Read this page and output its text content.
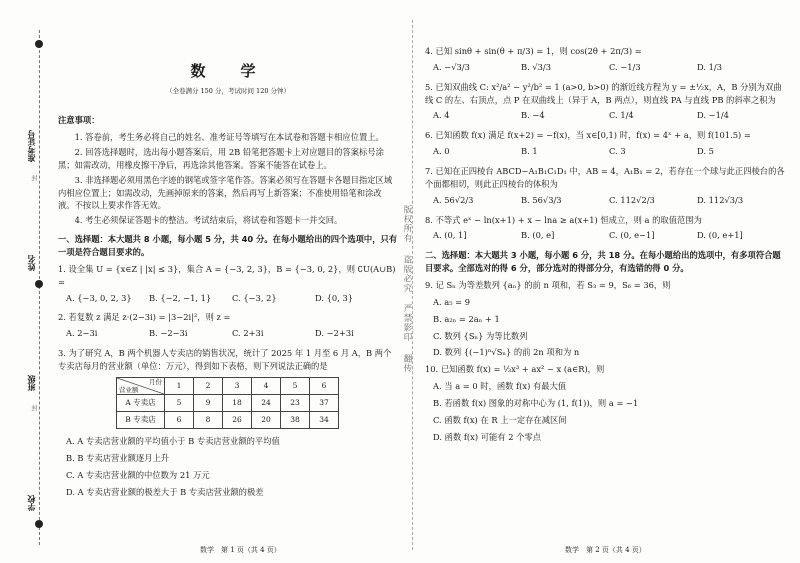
准考证号
封
姓名
班级
封
学校
数　学
（全卷满分 150 分，考试时间 120 分钟）
注意事项：
1. 答卷前，考生务必将自己的姓名、准考证号等填写在本试卷和答题卡相应位置上。
2. 回答选择题时，选出每小题答案后，用 2B 铅笔把答题卡上对应题目的答案标号涂黑；如需改动，用橡皮擦干净后，再选涂其他答案。答案不能答在试卷上。
3. 非选择题必须用黑色字迹的钢笔或签字笔作答。答案必须写在答题卡各题目指定区域内相应位置上；如需改动，先画掉原来的答案，然后再写上新答案；不准使用铅笔和涂改液。不按以上要求作答无效。
4. 考生必须保证答题卡的整洁。考试结束后，将试卷和答题卡一并交回。
一、选择题：本大题共 8 小题，每小题 5 分，共 40 分。在每小题给出的四个选项中，只有一项是符合题目要求的。
1. 设全集 U = {x∈Z | |x| ≤ 3}，集合 A = {−3, 2, 3}，B = {−3, 0, 2}，则 ∁U(A∪B) =
A. {−3, 0, 2, 3}	B. {−2, −1, 1}	C. {−3, 2}	D. {0, 3}
2. 若复数 z 满足 z·(2−3i) = |3−2i|²，则 z =
A. 2−3i	B. −2−3i	C. 2+3i	D. −2+3i
3. 为了研究 A，B 两个机器人专卖店的销售状况，统计了 2025 年 1 月至 6 月 A，B 两个专卖店每月的营业额（单位：万元），得到如下表格，则下列说法正确的是
月份
营业额	1	2	3	4	5	6
A 专卖店	5	9	18	24	23	37
B 专卖店	6	8	26	20	38	34
A. A 专卖店营业额的平均值小于 B 专卖店营业额的平均值
B. B 专卖店营业额逐月上升
C. A 专卖店营业额的中位数为 21 万元
D. A 专卖店营业额的极差大于 B 专卖店营业额的极差
版权所有 盗版必究 严禁影印 翻传
4. 已知 sinθ + sin(θ + π/3) = 1，则 cos(2θ + 2π/3) =
A. −√3/3	B. √3/3	C. −1/3	D. 1/3
5. 已知双曲线 C: x²/a² − y²/b² = 1 (a>0, b>0) 的渐近线方程为 y = ±½x，A，B 分别为双曲线 C 的左、右顶点，点 P 在双曲线上（异于 A，B 两点），则直线 PA 与直线 PB 的斜率之积为
A. 4	B. −4	C. 1/4	D. −1/4
6. 已知函数 f(x) 满足 f(x+2) = −f(x)，当 x∈[0,1) 时，f(x) = 4ˣ + a，则 f(101.5) =
A. 0	B. 1	C. 3	D. 5
7. 已知在正四棱台 ABCD−A₁B₁C₁D₁ 中，AB = 4，A₁B₁ = 2，若存在一个球与此正四棱台的各个面都相切，则此正四棱台的体积为
A. 56√2/3	B. 56√3/3	C. 112√2/3	D. 112√3/3
8. 不等式 eˣ − ln(x+1) + x − lna ≥ a(x+1) 恒成立，则 a 的取值范围为
A. (0, 1]	B. (0, e]	C. (0, e−1]	D. (0, e+1]
二、选择题：本大题共 3 小题，每小题 6 分，共 18 分。在每小题给出的选项中，有多项符合题目要求。全部选对的得 6 分，部分选对的得部分分，有选错的得 0 分。
9. 记 Sₙ 为等差数列 {aₙ} 的前 n 项和，若 S₃ = 9，S₆ = 36，则
A. a₅ = 9
B. a₂ₙ = 2aₙ + 1
C. 数列 {Sₙ} 为等比数列
D. 数列 {(−1)ⁿ√Sₙ} 的前 2n 项和为 n
10. 已知函数 f(x) = ⅓x³ + ax² − x (a∈R)，则
A. 当 a = 0 时，函数 f(x) 有最大值
B. 若函数 f(x) 图象的对称中心为 (1, f(1))，则 a = −1
C. 函数 f(x) 在 R 上一定存在减区间
D. 函数 f(x) 可能有 2 个零点
数学　第 1 页（共 4 页）	数学　第 2 页（共 4 页）
